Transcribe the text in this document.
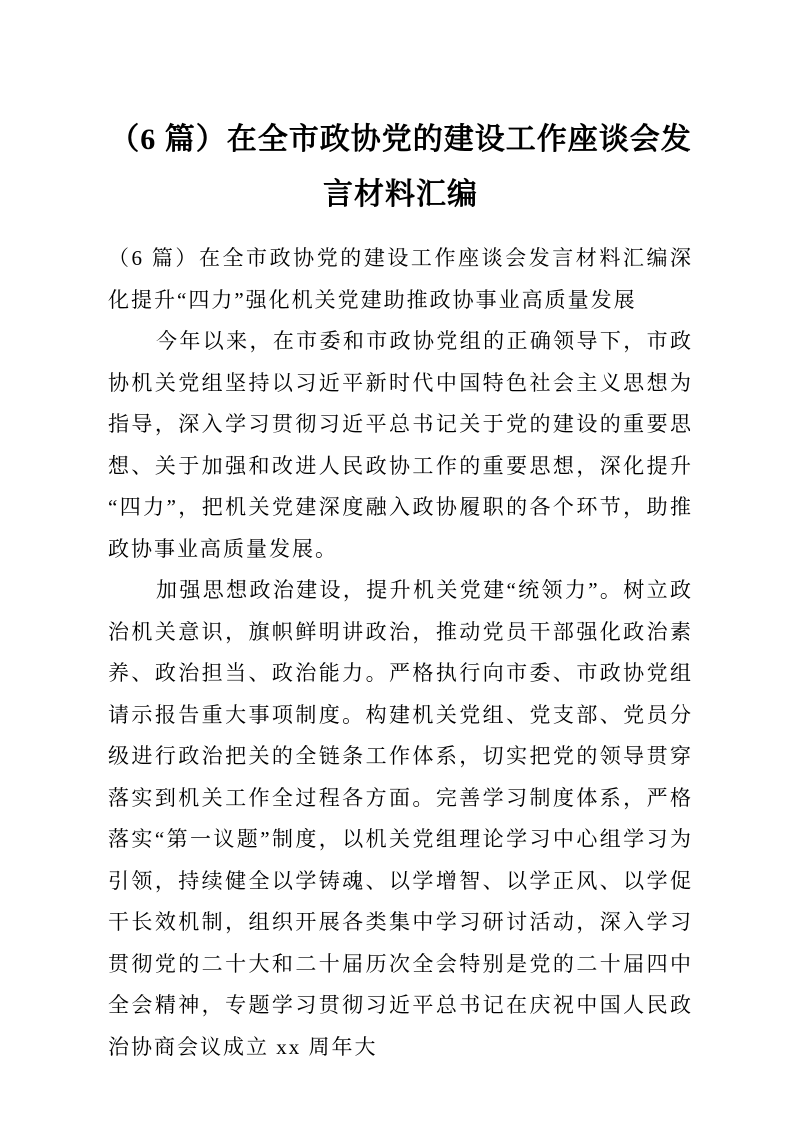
（6 篇）在全市政协党的建设工作座谈会发
言材料汇编

（6 篇）在全市政协党的建设工作座谈会发言材料汇编深化提升“四力”强化机关党建助推政协事业高质量发展

今年以来，在市委和市政协党组的正确领导下，市政协机关党组坚持以习近平新时代中国特色社会主义思想为指导，深入学习贯彻习近平总书记关于党的建设的重要思想、关于加强和改进人民政协工作的重要思想，深化提升“四力”，把机关党建深度融入政协履职的各个环节，助推政协事业高质量发展。

加强思想政治建设，提升机关党建“统领力”。树立政治机关意识，旗帜鲜明讲政治，推动党员干部强化政治素养、政治担当、政治能力。严格执行向市委、市政协党组请示报告重大事项制度。构建机关党组、党支部、党员分级进行政治把关的全链条工作体系，切实把党的领导贯穿落实到机关工作全过程各方面。完善学习制度体系，严格落实“第一议题”制度，以机关党组理论学习中心组学习为引领，持续健全以学铸魂、以学增智、以学正风、以学促干长效机制，组织开展各类集中学习研讨活动，深入学习贯彻党的二十大和二十届历次全会特别是党的二十届四中全会精神，专题学习贯彻习近平总书记在庆祝中国人民政治协商会议成立 xx 周年大
